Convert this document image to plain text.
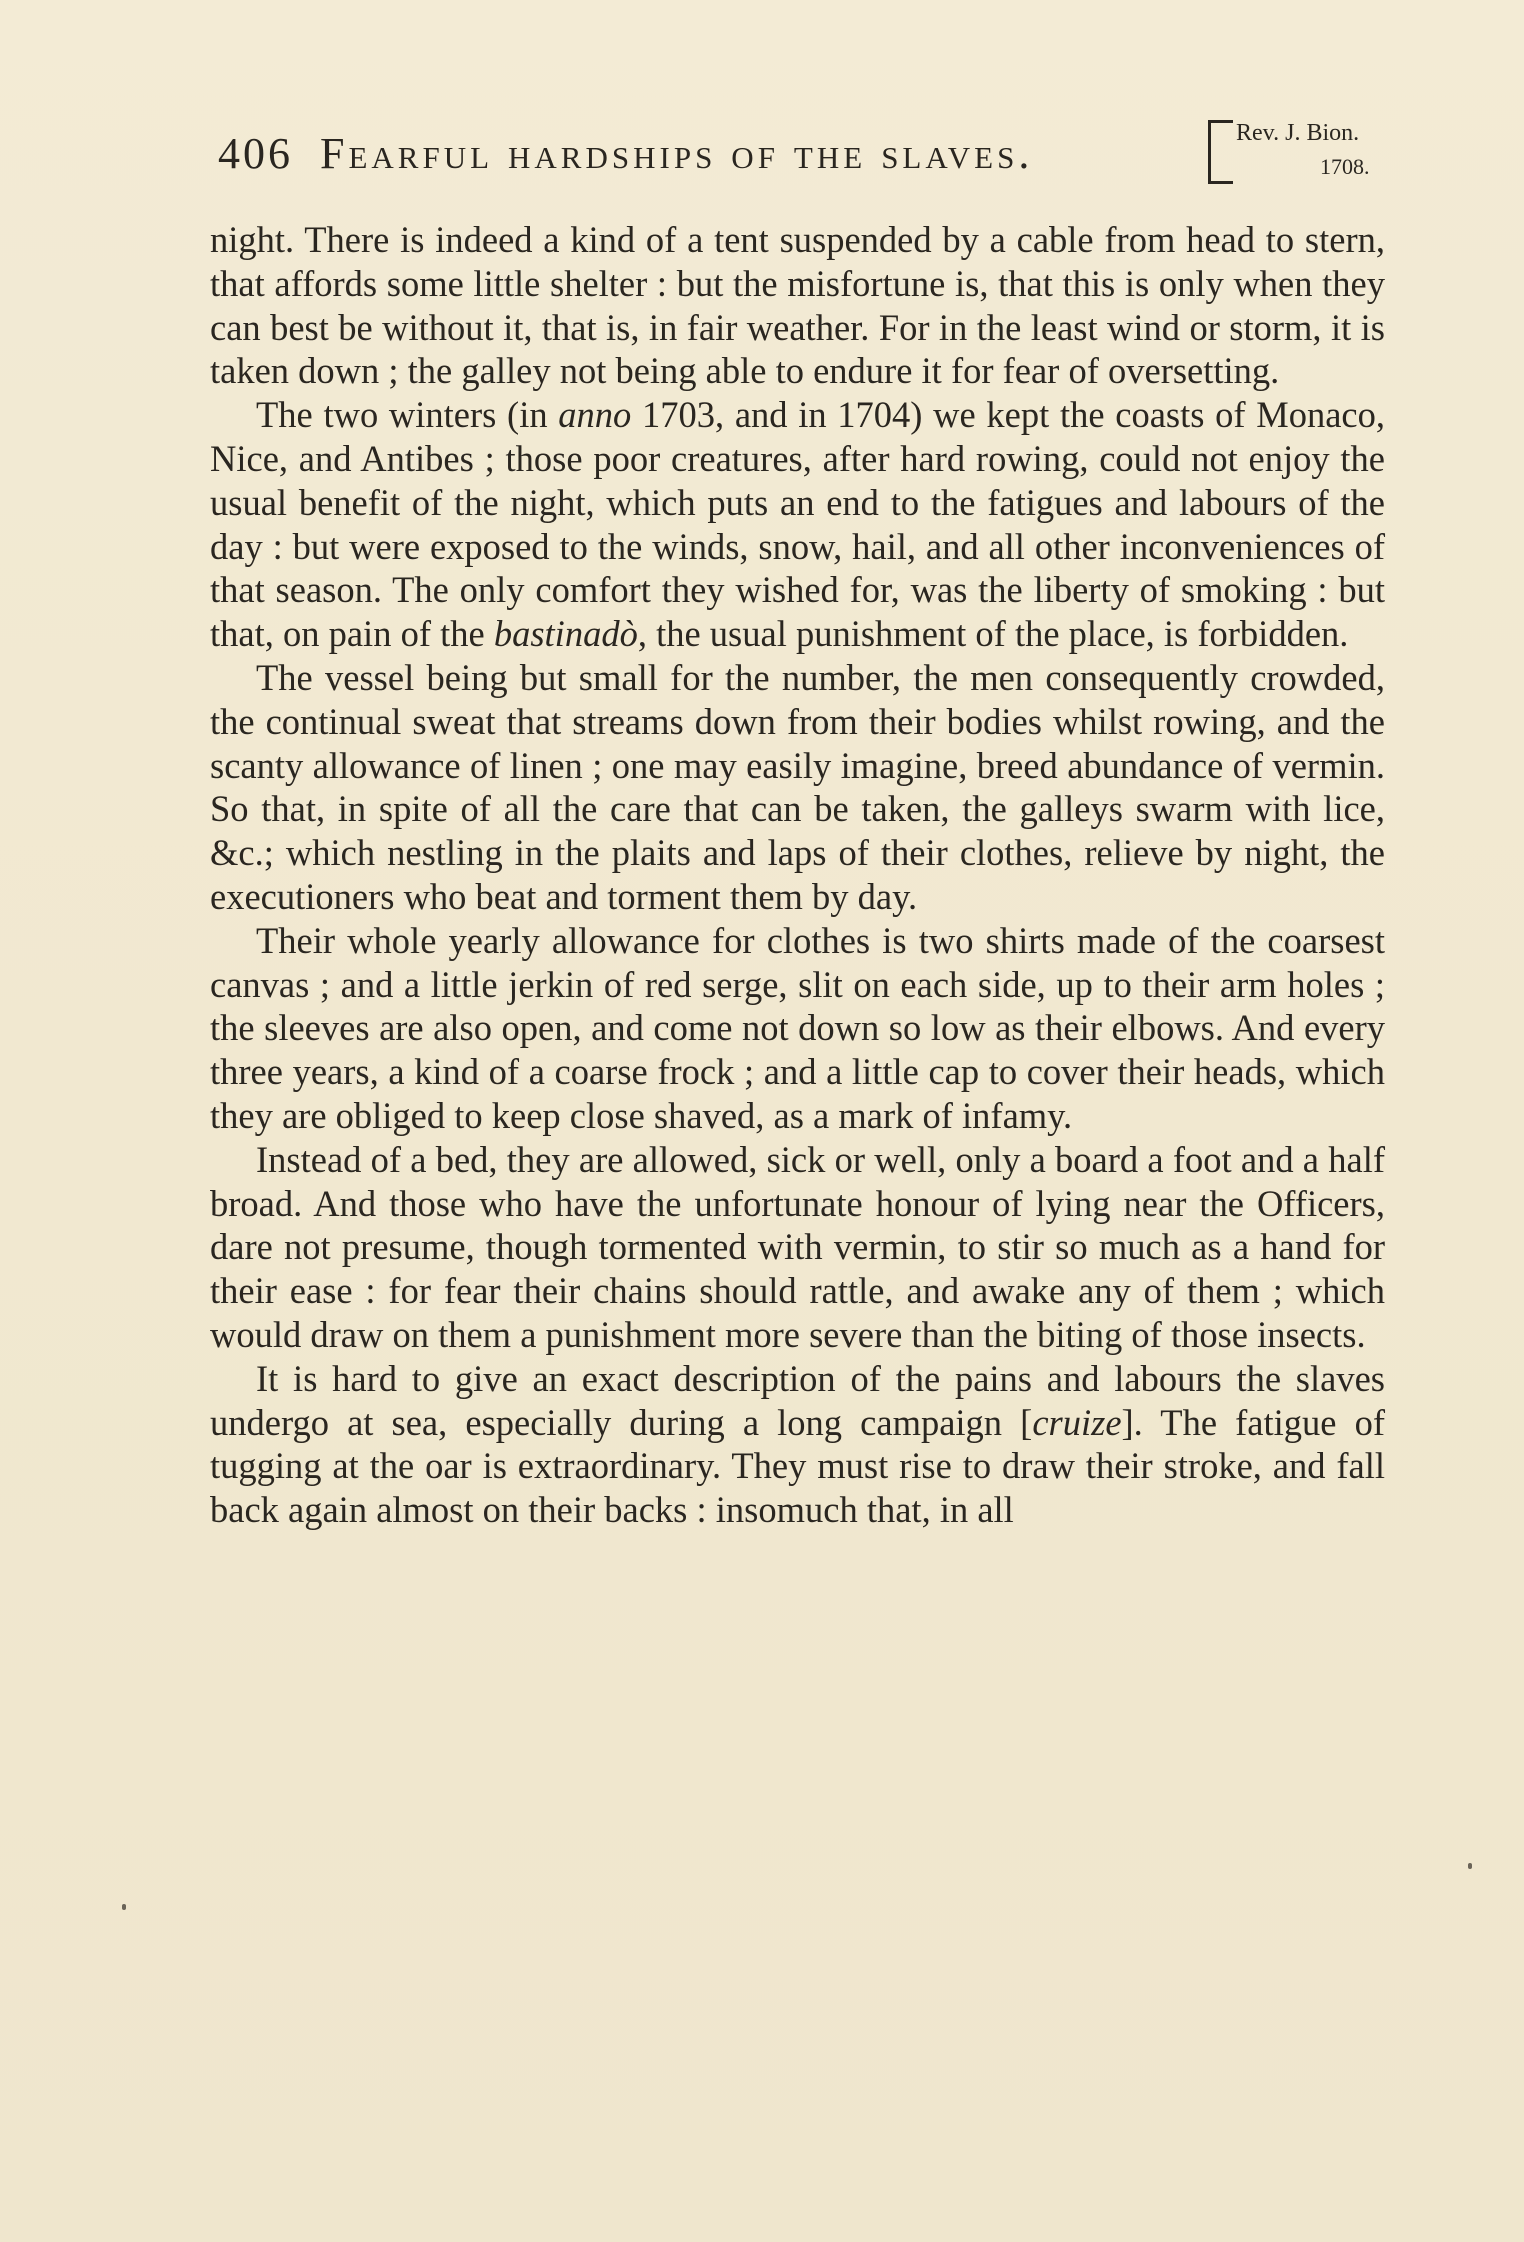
406 Fearful hardships of the slaves.	Rev. J. Bion.
1708.

night. There is indeed a kind of a tent suspended by a cable from head to stern, that affords some little shelter : but the misfortune is, that this is only when they can best be without it, that is, in fair weather. For in the least wind or storm, it is taken down ; the galley not being able to endure it for fear of oversetting.

The two winters (in anno 1703, and in 1704) we kept the coasts of Monaco, Nice, and Antibes ; those poor creatures, after hard rowing, could not enjoy the usual benefit of the night, which puts an end to the fatigues and labours of the day : but were exposed to the winds, snow, hail, and all other inconveniences of that season. The only comfort they wished for, was the liberty of smoking : but that, on pain of the bastinadò, the usual punishment of the place, is forbidden.

The vessel being but small for the number, the men consequently crowded, the continual sweat that streams down from their bodies whilst rowing, and the scanty allowance of linen ; one may easily imagine, breed abundance of vermin. So that, in spite of all the care that can be taken, the galleys swarm with lice, &c.; which nestling in the plaits and laps of their clothes, relieve by night, the executioners who beat and torment them by day.

Their whole yearly allowance for clothes is two shirts made of the coarsest canvas ; and a little jerkin of red serge, slit on each side, up to their arm holes ; the sleeves are also open, and come not down so low as their elbows. And every three years, a kind of a coarse frock ; and a little cap to cover their heads, which they are obliged to keep close shaved, as a mark of infamy.

Instead of a bed, they are allowed, sick or well, only a board a foot and a half broad. And those who have the unfortunate honour of lying near the Officers, dare not presume, though tormented with vermin, to stir so much as a hand for their ease : for fear their chains should rattle, and awake any of them ; which would draw on them a punishment more severe than the biting of those insects.

It is hard to give an exact description of the pains and labours the slaves undergo at sea, especially during a long campaign [cruize]. The fatigue of tugging at the oar is extraordinary. They must rise to draw their stroke, and fall back again almost on their backs : insomuch that, in all
